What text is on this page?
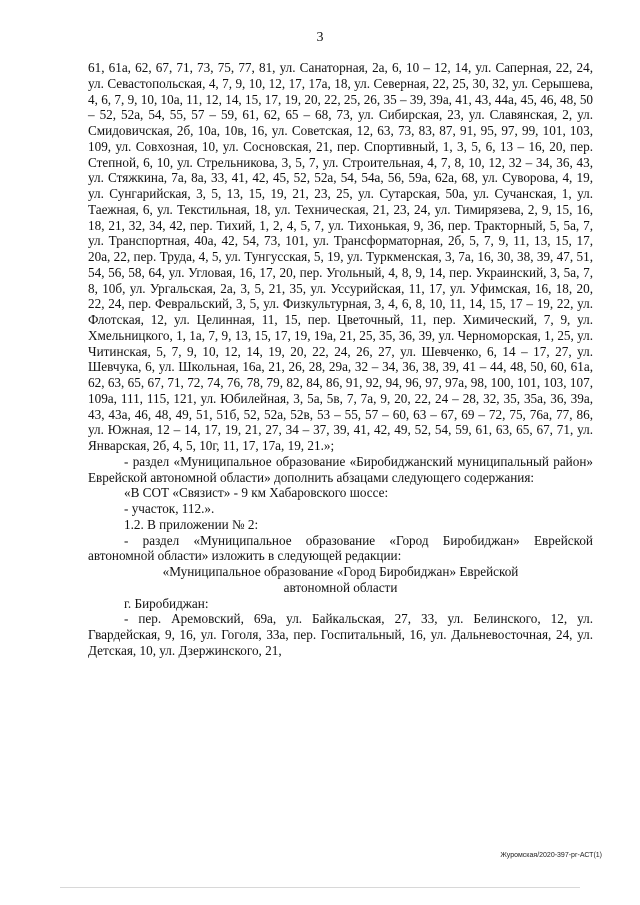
3

61, 61а, 62, 67, 71, 73, 75, 77, 81, ул. Санаторная, 2а, 6, 10 – 12, 14, ул. Саперная, 22, 24, ул. Севастопольская, 4, 7, 9, 10, 12, 17, 17а, 18, ул. Северная, 22, 25, 30, 32, ул. Серышева, 4, 6, 7, 9, 10, 10а, 11, 12, 14, 15, 17, 19, 20, 22, 25, 26, 35 – 39, 39а, 41, 43, 44а, 45, 46, 48, 50 – 52, 52а, 54, 55, 57 – 59, 61, 62, 65 – 68, 73, ул. Сибирская, 23, ул. Славянская, 2, ул. Смидовичская, 2б, 10а, 10в, 16, ул. Советская, 12, 63, 73, 83, 87, 91, 95, 97, 99, 101, 103, 109, ул. Совхозная, 10, ул. Сосновская, 21, пер. Спортивный, 1, 3, 5, 6, 13 – 16, 20, пер. Степной, 6, 10, ул. Стрельникова, 3, 5, 7, ул. Строительная, 4, 7, 8, 10, 12, 32 – 34, 36, 43, ул. Стяжкина, 7а, 8а, 33, 41, 42, 45, 52, 52а, 54, 54а, 56, 59а, 62а, 68, ул. Суворова, 4, 19, ул. Сунгарийская, 3, 5, 13, 15, 19, 21, 23, 25, ул. Сутарская, 50а, ул. Сучанская, 1, ул. Таежная, 6, ул. Текстильная, 18, ул. Техническая, 21, 23, 24, ул. Тимирязева, 2, 9, 15, 16, 18, 21, 32, 34, 42, пер. Тихий, 1, 2, 4, 5, 7, ул. Тихонькая, 9, 36, пер. Тракторный, 5, 5а, 7, ул. Транспортная, 40а, 42, 54, 73, 101, ул. Трансформаторная, 2б, 5, 7, 9, 11, 13, 15, 17, 20а, 22, пер. Труда, 4, 5, ул. Тунгусская, 5, 19, ул. Туркменская, 3, 7а, 16, 30, 38, 39, 47, 51, 54, 56, 58, 64, ул. Угловая, 16, 17, 20, пер. Угольный, 4, 8, 9, 14, пер. Украинский, 3, 5а, 7, 8, 10б, ул. Ургальская, 2а, 3, 5, 21, 35, ул. Уссурийская, 11, 17, ул. Уфимская, 16, 18, 20, 22, 24, пер. Февральский, 3, 5, ул. Физкультурная, 3, 4, 6, 8, 10, 11, 14, 15, 17 – 19, 22, ул. Флотская, 12, ул. Целинная, 11, 15, пер. Цветочный, 11, пер. Химический, 7, 9, ул. Хмельницкого, 1, 1а, 7, 9, 13, 15, 17, 19, 19а, 21, 25, 35, 36, 39, ул. Черноморская, 1, 25, ул. Читинская, 5, 7, 9, 10, 12, 14, 19, 20, 22, 24, 26, 27, ул. Шевченко, 6, 14 – 17, 27, ул. Шевчука, 6, ул. Школьная, 16а, 21, 26, 28, 29а, 32 – 34, 36, 38, 39, 41 – 44, 48, 50, 60, 61а, 62, 63, 65, 67, 71, 72, 74, 76, 78, 79, 82, 84, 86, 91, 92, 94, 96, 97, 97а, 98, 100, 101, 103, 107, 109а, 111, 115, 121, ул. Юбилейная, 3, 5а, 5в, 7, 7а, 9, 20, 22, 24 – 28, 32, 35, 35а, 36, 39а, 43, 43а, 46, 48, 49, 51, 51б, 52, 52а, 52в, 53 – 55, 57 – 60, 63 – 67, 69 – 72, 75, 76а, 77, 86, ул. Южная, 12 – 14, 17, 19, 21, 27, 34 – 37, 39, 41, 42, 49, 52, 54, 59, 61, 63, 65, 67, 71, ул. Январская, 2б, 4, 5, 10г, 11, 17, 17а, 19, 21.»;

- раздел «Муниципальное образование «Биробиджанский муниципальный район» Еврейской автономной области» дополнить абзацами следующего содержания:

«В СОТ «Связист» - 9 км Хабаровского шоссе:

- участок, 112.».

1.2. В приложении № 2:

- раздел «Муниципальное образование «Город Биробиджан» Еврейской автономной области» изложить в следующей редакции:

«Муниципальное образование «Город Биробиджан» Еврейской

автономной области

г. Биробиджан:

- пер. Аремовский, 69а, ул. Байкальская, 27, 33, ул. Белинского, 12, ул. Гвардейская, 9, 16, ул. Гоголя, 33а, пер. Госпитальный, 16, ул. Дальневосточная, 24, ул. Детская, 10, ул. Дзержинского, 21,

Журомская/2020-397-рг-АСТ(1)
